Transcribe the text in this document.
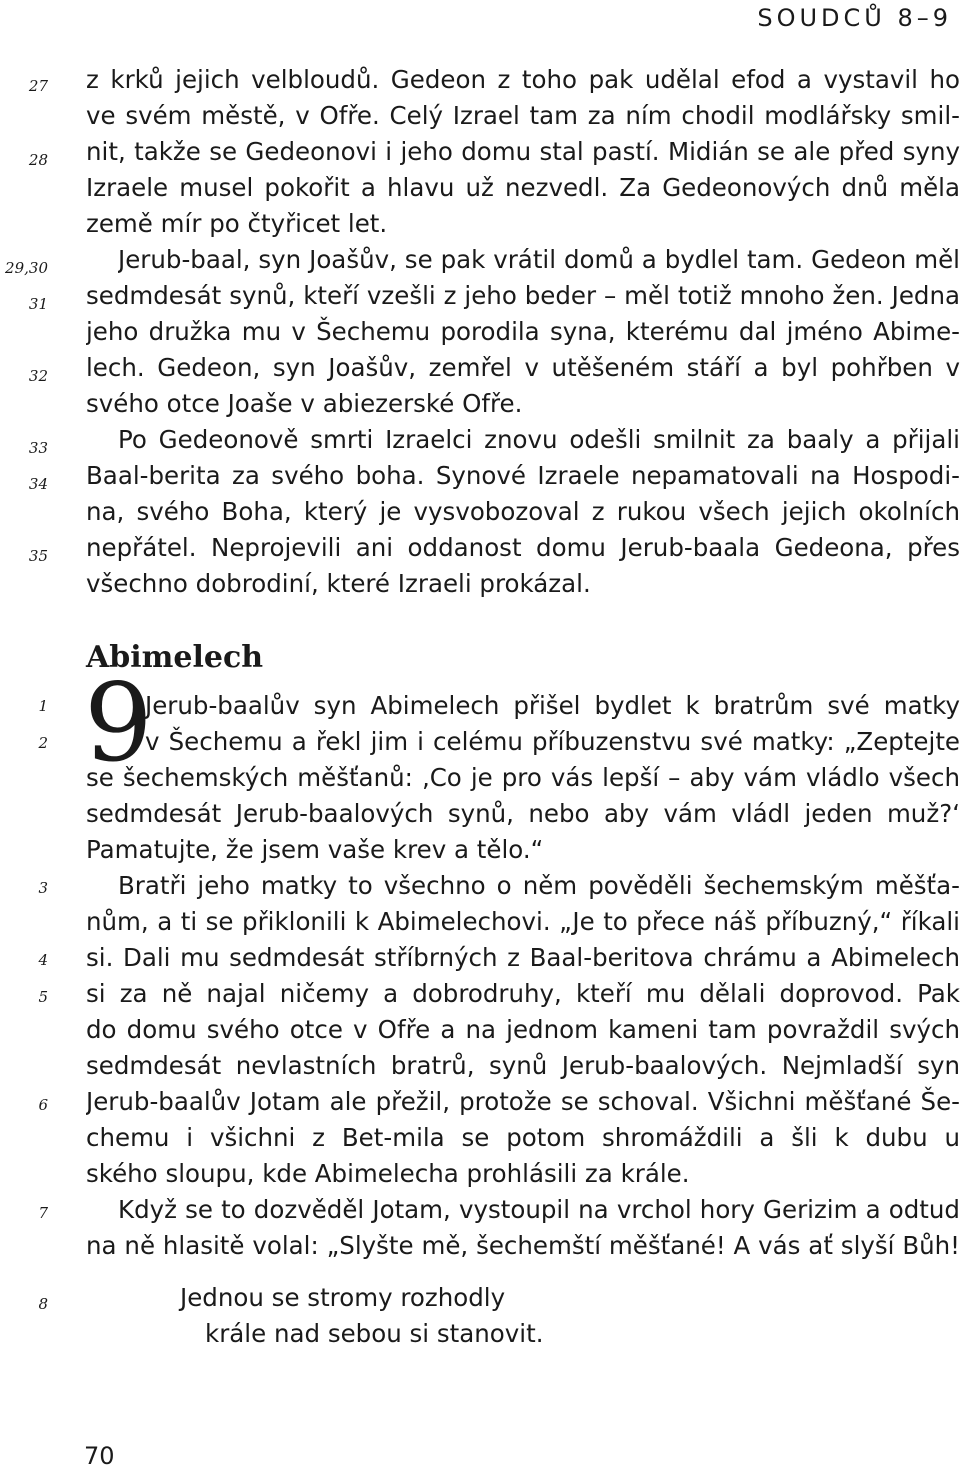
SOUDCŮ 8–9
27
28
29,30
31
32
33
34
35
1
2
3
4
5
6
7
8
z krků jejich velbloudů. Gedeon z toho pak udělal efod a vystavil ho
ve svém městě, v Ofře. Celý Izrael tam za ním chodil modlářsky smil-
nit, takže se Gedeonovi i jeho domu stal pastí. Midián se ale před syny
Izraele musel pokořit a hlavu už nezvedl. Za Gedeonových dnů měla
země mír po čtyřicet let.
Jerub-baal, syn Joašův, se pak vrátil domů a bydlel tam. Gedeon měl
sedmdesát synů, kteří vzešli z jeho beder – měl totiž mnoho žen. Jedna
jeho družka mu v Šechemu porodila syna, kterému dal jméno Abime-
lech. Gedeon, syn Joašův, zemřel v utěšeném stáří a byl pohřben v
svého otce Joaše v abiezerské Ofře.
Po Gedeonově smrti Izraelci znovu odešli smilnit za baaly a přijali
Baal-berita za svého boha. Synové Izraele nepamatovali na Hospodi-
na, svého Boha, který je vysvobozoval z rukou všech jejich okolních
nepřátel. Neprojevili ani oddanost domu Jerub-baala Gedeona, přes
všechno dobrodiní, které Izraeli prokázal.
Jerub-baalův syn Abimelech přišel bydlet k bratrům své matky
v Šechemu a řekl jim i celému příbuzenstvu své matky: „Zeptejte
se šechemských měšťanů: ‚Co je pro vás lepší – aby vám vládlo všech
sedmdesát Jerub-baalových synů, nebo aby vám vládl jeden muž?‘
Pamatujte, že jsem vaše krev a tělo.“
Bratři jeho matky to všechno o něm pověděli šechemským měšťa-
nům, a ti se přiklonili k Abimelechovi. „Je to přece náš příbuzný,“ říkali
si. Dali mu sedmdesát stříbrných z Baal-beritova chrámu a Abimelech
si za ně najal ničemy a dobrodruhy, kteří mu dělali doprovod. Pak
do domu svého otce v Ofře a na jednom kameni tam povraždil svých
sedmdesát nevlastních bratrů, synů Jerub-baalových. Nejmladší syn
Jerub-baalův Jotam ale přežil, protože se schoval. Všichni měšťané Še-
chemu i všichni z Bet-mila se potom shromáždili a šli k dubu u
ského sloupu, kde Abimelecha prohlásili za krále.
Když se to dozvěděl Jotam, vystoupil na vrchol hory Gerizim a odtud
na ně hlasitě volal: „Slyšte mě, šechemští měšťané! A vás ať slyší Bůh!
Jednou se stromy rozhodly
krále nad sebou si stanovit.
Abimelech
9
70
